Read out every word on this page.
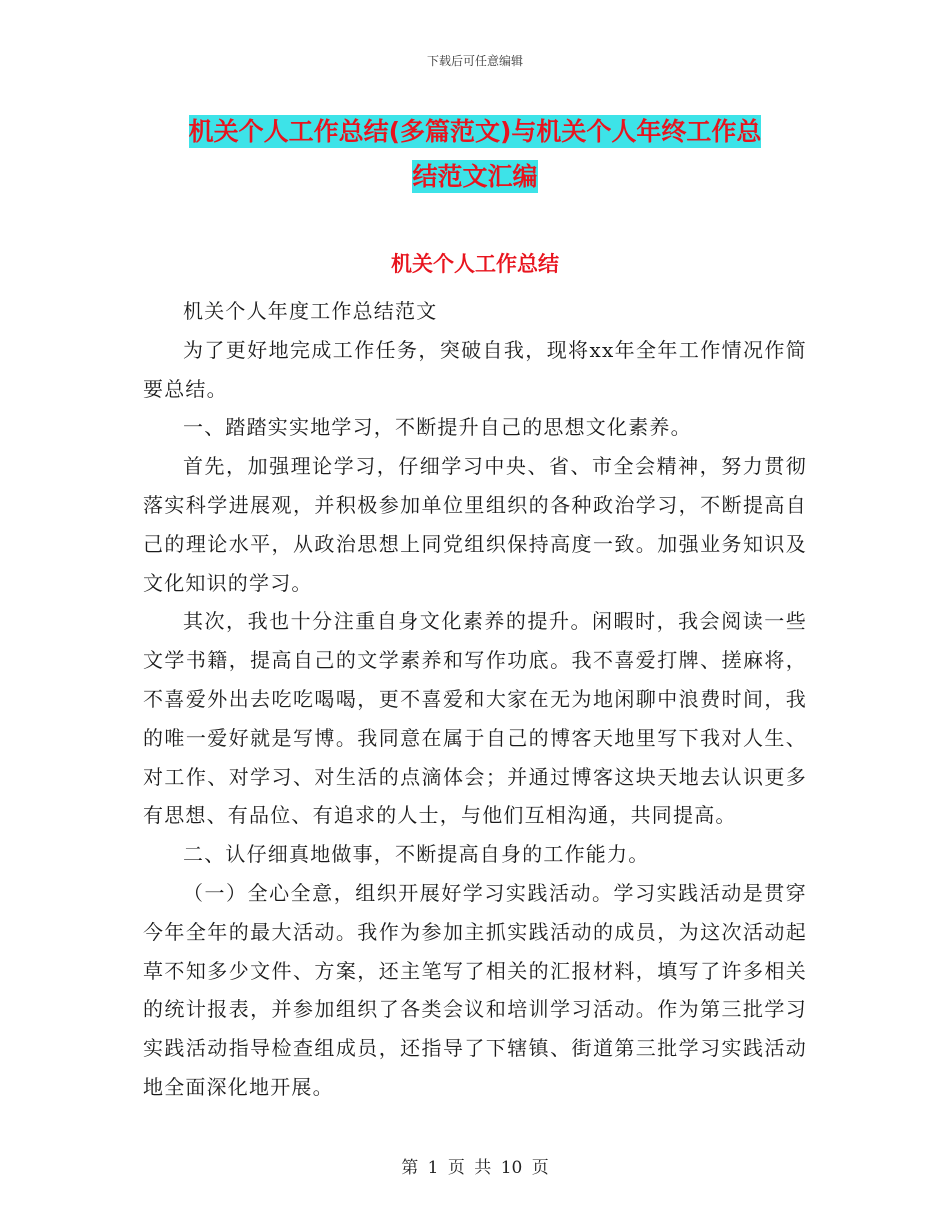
下载后可任意编辑
机关个人工作总结(多篇范文)与机关个人年终工作总
结范文汇编
机关个人工作总结

机关个人年度工作总结范文

为了更好地完成工作任务，突破自我，现将xx年全年工作情况作简要总结。

一、踏踏实实地学习，不断提升自己的思想文化素养。

首先，加强理论学习，仔细学习中央、省、市全会精神，努力贯彻落实科学进展观，并积极参加单位里组织的各种政治学习，不断提高自己的理论水平，从政治思想上同党组织保持高度一致。加强业务知识及文化知识的学习。

其次，我也十分注重自身文化素养的提升。闲暇时，我会阅读一些文学书籍，提高自己的文学素养和写作功底。我不喜爱打牌、搓麻将，不喜爱外出去吃吃喝喝，更不喜爱和大家在无为地闲聊中浪费时间，我的唯一爱好就是写博。我同意在属于自己的博客天地里写下我对人生、对工作、对学习、对生活的点滴体会；并通过博客这块天地去认识更多有思想、有品位、有追求的人士，与他们互相沟通，共同提高。

二、认仔细真地做事，不断提高自身的工作能力。

（一）全心全意，组织开展好学习实践活动。学习实践活动是贯穿今年全年的最大活动。我作为参加主抓实践活动的成员，为这次活动起草不知多少文件、方案，还主笔写了相关的汇报材料，填写了许多相关的统计报表，并参加组织了各类会议和培训学习活动。作为第三批学习实践活动指导检查组成员，还指导了下辖镇、街道第三批学习实践活动地全面深化地开展。

第 1 页 共 10 页
